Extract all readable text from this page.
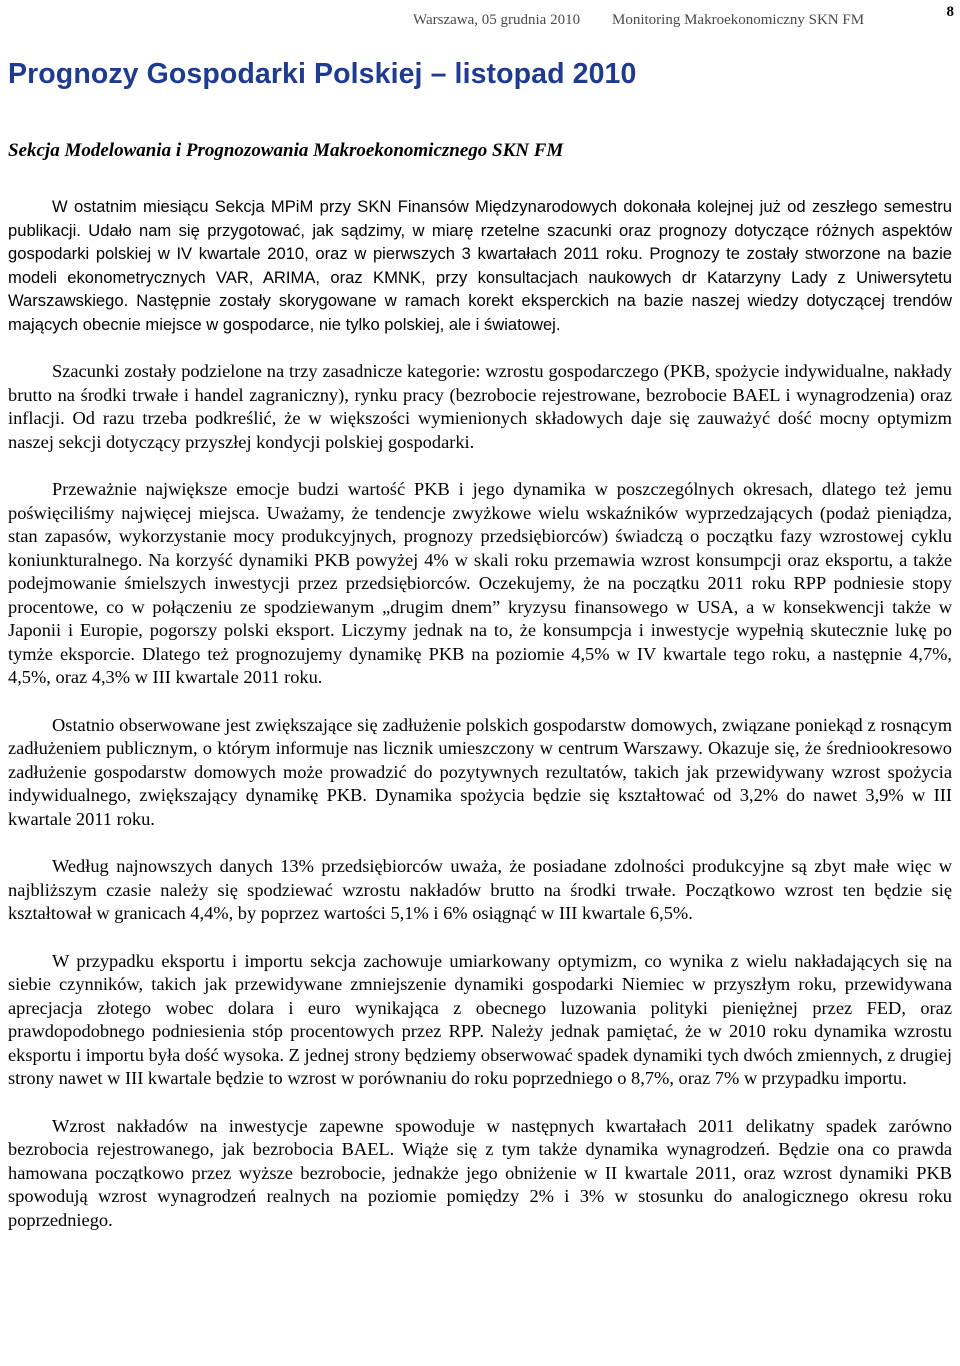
Warszawa, 05 grudnia 2010 Monitoring Makroekonomiczny SKN FM	8
Prognozy Gospodarki Polskiej – listopad 2010
Sekcja Modelowania i Prognozowania Makroekonomicznego SKN FM

W ostatnim miesiącu Sekcja MPiM przy SKN Finansów Międzynarodowych dokonała kolejnej już od zeszłego semestru publikacji. Udało nam się przygotować, jak sądzimy, w miarę rzetelne szacunki oraz prognozy dotyczące różnych aspektów gospodarki polskiej w IV kwartale 2010, oraz w pierwszych 3 kwartałach 2011 roku. Prognozy te zostały stworzone na bazie modeli ekonometrycznych VAR, ARIMA, oraz KMNK, przy konsultacjach naukowych dr Katarzyny Lady z Uniwersytetu Warszawskiego. Następnie zostały skorygowane w ramach korekt eksperckich na bazie naszej wiedzy dotyczącej trendów mających obecnie miejsce w gospodarce, nie tylko polskiej, ale i światowej.

Szacunki zostały podzielone na trzy zasadnicze kategorie: wzrostu gospodarczego (PKB, spożycie indywidualne, nakłady brutto na środki trwałe i handel zagraniczny), rynku pracy (bezrobocie rejestrowane, bezrobocie BAEL i wynagrodzenia) oraz inflacji. Od razu trzeba podkreślić, że w większości wymienionych składowych daje się zauważyć dość mocny optymizm naszej sekcji dotyczący przyszłej kondycji polskiej gospodarki.

Przeważnie największe emocje budzi wartość PKB i jego dynamika w poszczególnych okresach, dlatego też jemu poświęciliśmy najwięcej miejsca. Uważamy, że tendencje zwyżkowe wielu wskaźników wyprzedzających (podaż pieniądza, stan zapasów, wykorzystanie mocy produkcyjnych, prognozy przedsiębiorców) świadczą o początku fazy wzrostowej cyklu koniunkturalnego. Na korzyść dynamiki PKB powyżej 4% w skali roku przemawia wzrost konsumpcji oraz eksportu, a także podejmowanie śmielszych inwestycji przez przedsiębiorców. Oczekujemy, że na początku 2011 roku RPP podniesie stopy procentowe, co w połączeniu ze spodziewanym „drugim dnem” kryzysu finansowego w USA, a w konsekwencji także w Japonii i Europie, pogorszy polski eksport. Liczymy jednak na to, że konsumpcja i inwestycje wypełnią skutecznie lukę po tymże eksporcie. Dlatego też prognozujemy dynamikę PKB na poziomie 4,5% w IV kwartale tego roku, a następnie 4,7%, 4,5%, oraz 4,3% w III kwartale 2011 roku.

Ostatnio obserwowane jest zwiększające się zadłużenie polskich gospodarstw domowych, związane poniekąd z rosnącym zadłużeniem publicznym, o którym informuje nas licznik umieszczony w centrum Warszawy. Okazuje się, że średniookresowo zadłużenie gospodarstw domowych może prowadzić do pozytywnych rezultatów, takich jak przewidywany wzrost spożycia indywidualnego, zwiększający dynamikę PKB. Dynamika spożycia będzie się kształtować od 3,2% do nawet 3,9% w III kwartale 2011 roku.

Według najnowszych danych 13% przedsiębiorców uważa, że posiadane zdolności produkcyjne są zbyt małe więc w najbliższym czasie należy się spodziewać wzrostu nakładów brutto na środki trwałe. Początkowo wzrost ten będzie się kształtował w granicach 4,4%, by poprzez wartości 5,1% i 6% osiągnąć w III kwartale 6,5%.

W przypadku eksportu i importu sekcja zachowuje umiarkowany optymizm, co wynika z wielu nakładających się na siebie czynników, takich jak przewidywane zmniejszenie dynamiki gospodarki Niemiec w przyszłym roku, przewidywana aprecjacja złotego wobec dolara i euro wynikająca z obecnego luzowania polityki pieniężnej przez FED, oraz prawdopodobnego podniesienia stóp procentowych przez RPP. Należy jednak pamiętać, że w 2010 roku dynamika wzrostu eksportu i importu była dość wysoka. Z jednej strony będziemy obserwować spadek dynamiki tych dwóch zmiennych, z drugiej strony nawet w III kwartale będzie to wzrost w porównaniu do roku poprzedniego o 8,7%, oraz 7% w przypadku importu.

Wzrost nakładów na inwestycje zapewne spowoduje w następnych kwartałach 2011 delikatny spadek zarówno bezrobocia rejestrowanego, jak bezrobocia BAEL. Wiąże się z tym także dynamika wynagrodzeń. Będzie ona co prawda hamowana początkowo przez wyższe bezrobocie, jednakże jego obniżenie w II kwartale 2011, oraz wzrost dynamiki PKB spowodują wzrost wynagrodzeń realnych na poziomie pomiędzy 2% i 3% w stosunku do analogicznego okresu roku poprzedniego.
